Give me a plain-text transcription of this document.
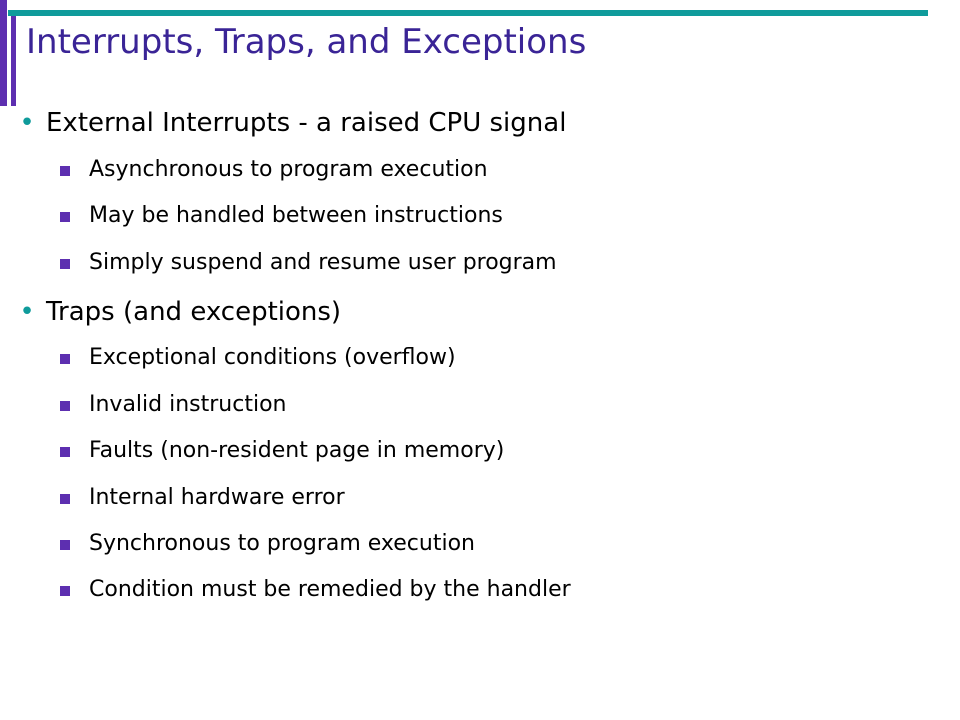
Interrupts, Traps, and Exceptions
• External Interrupts - a raised CPU signal
Asynchronous to program execution
May be handled between instructions
Simply suspend and resume user program
• Traps (and exceptions)
Exceptional conditions (overflow)
Invalid instruction
Faults (non-resident page in memory)
Internal hardware error
Synchronous to program execution
Condition must be remedied by the handler
